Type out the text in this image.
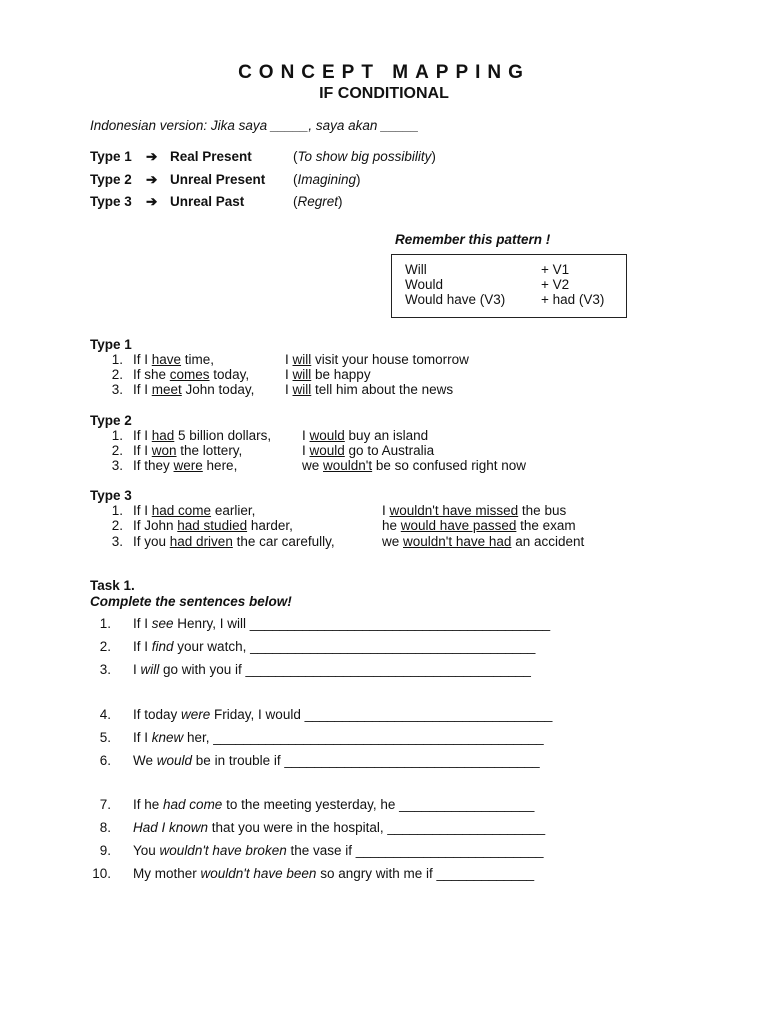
CONCEPT MAPPING
IF CONDITIONAL
Indonesian version: Jika saya _____, saya akan _____
Type 1 ➔ Real Present	(To show big possibility)
Type 2 ➔ Unreal Present (Imagining)
Type 3 ➔ Unreal Past	(Regret)
Remember this pattern !
Will	+ V1
Would	+ V2
Would have (V3)	+ had (V3)
Type 1
1. If I have time,	I will visit your house tomorrow
2. If she comes today,	I will be happy
3. If I meet John today, I will tell him about the news
Type 2
1. If I had 5 billion dollars, I would buy an island
2. If I won the lottery,	I would go to Australia
3. If they were here,	we wouldn't be so confused right now
Type 3
1. If I had come earlier,	I wouldn't have missed the bus
2. If John had studied harder,	he would have passed the exam
3. If you had driven the car carefully,	we wouldn't have had an accident
Task 1.
Complete the sentences below!
1. If I see Henry, I will ________________________________________
2. If I find your watch, ______________________________________
3. I will go with you if ______________________________________
4. If today were Friday, I would _________________________________
5. If I knew her, ____________________________________________
6. We would be in trouble if __________________________________
7. If he had come to the meeting yesterday, he __________________
8. Had I known that you were in the hospital, _____________________
9. You wouldn't have broken the vase if _________________________
10. My mother wouldn't have been so angry with me if _____________
